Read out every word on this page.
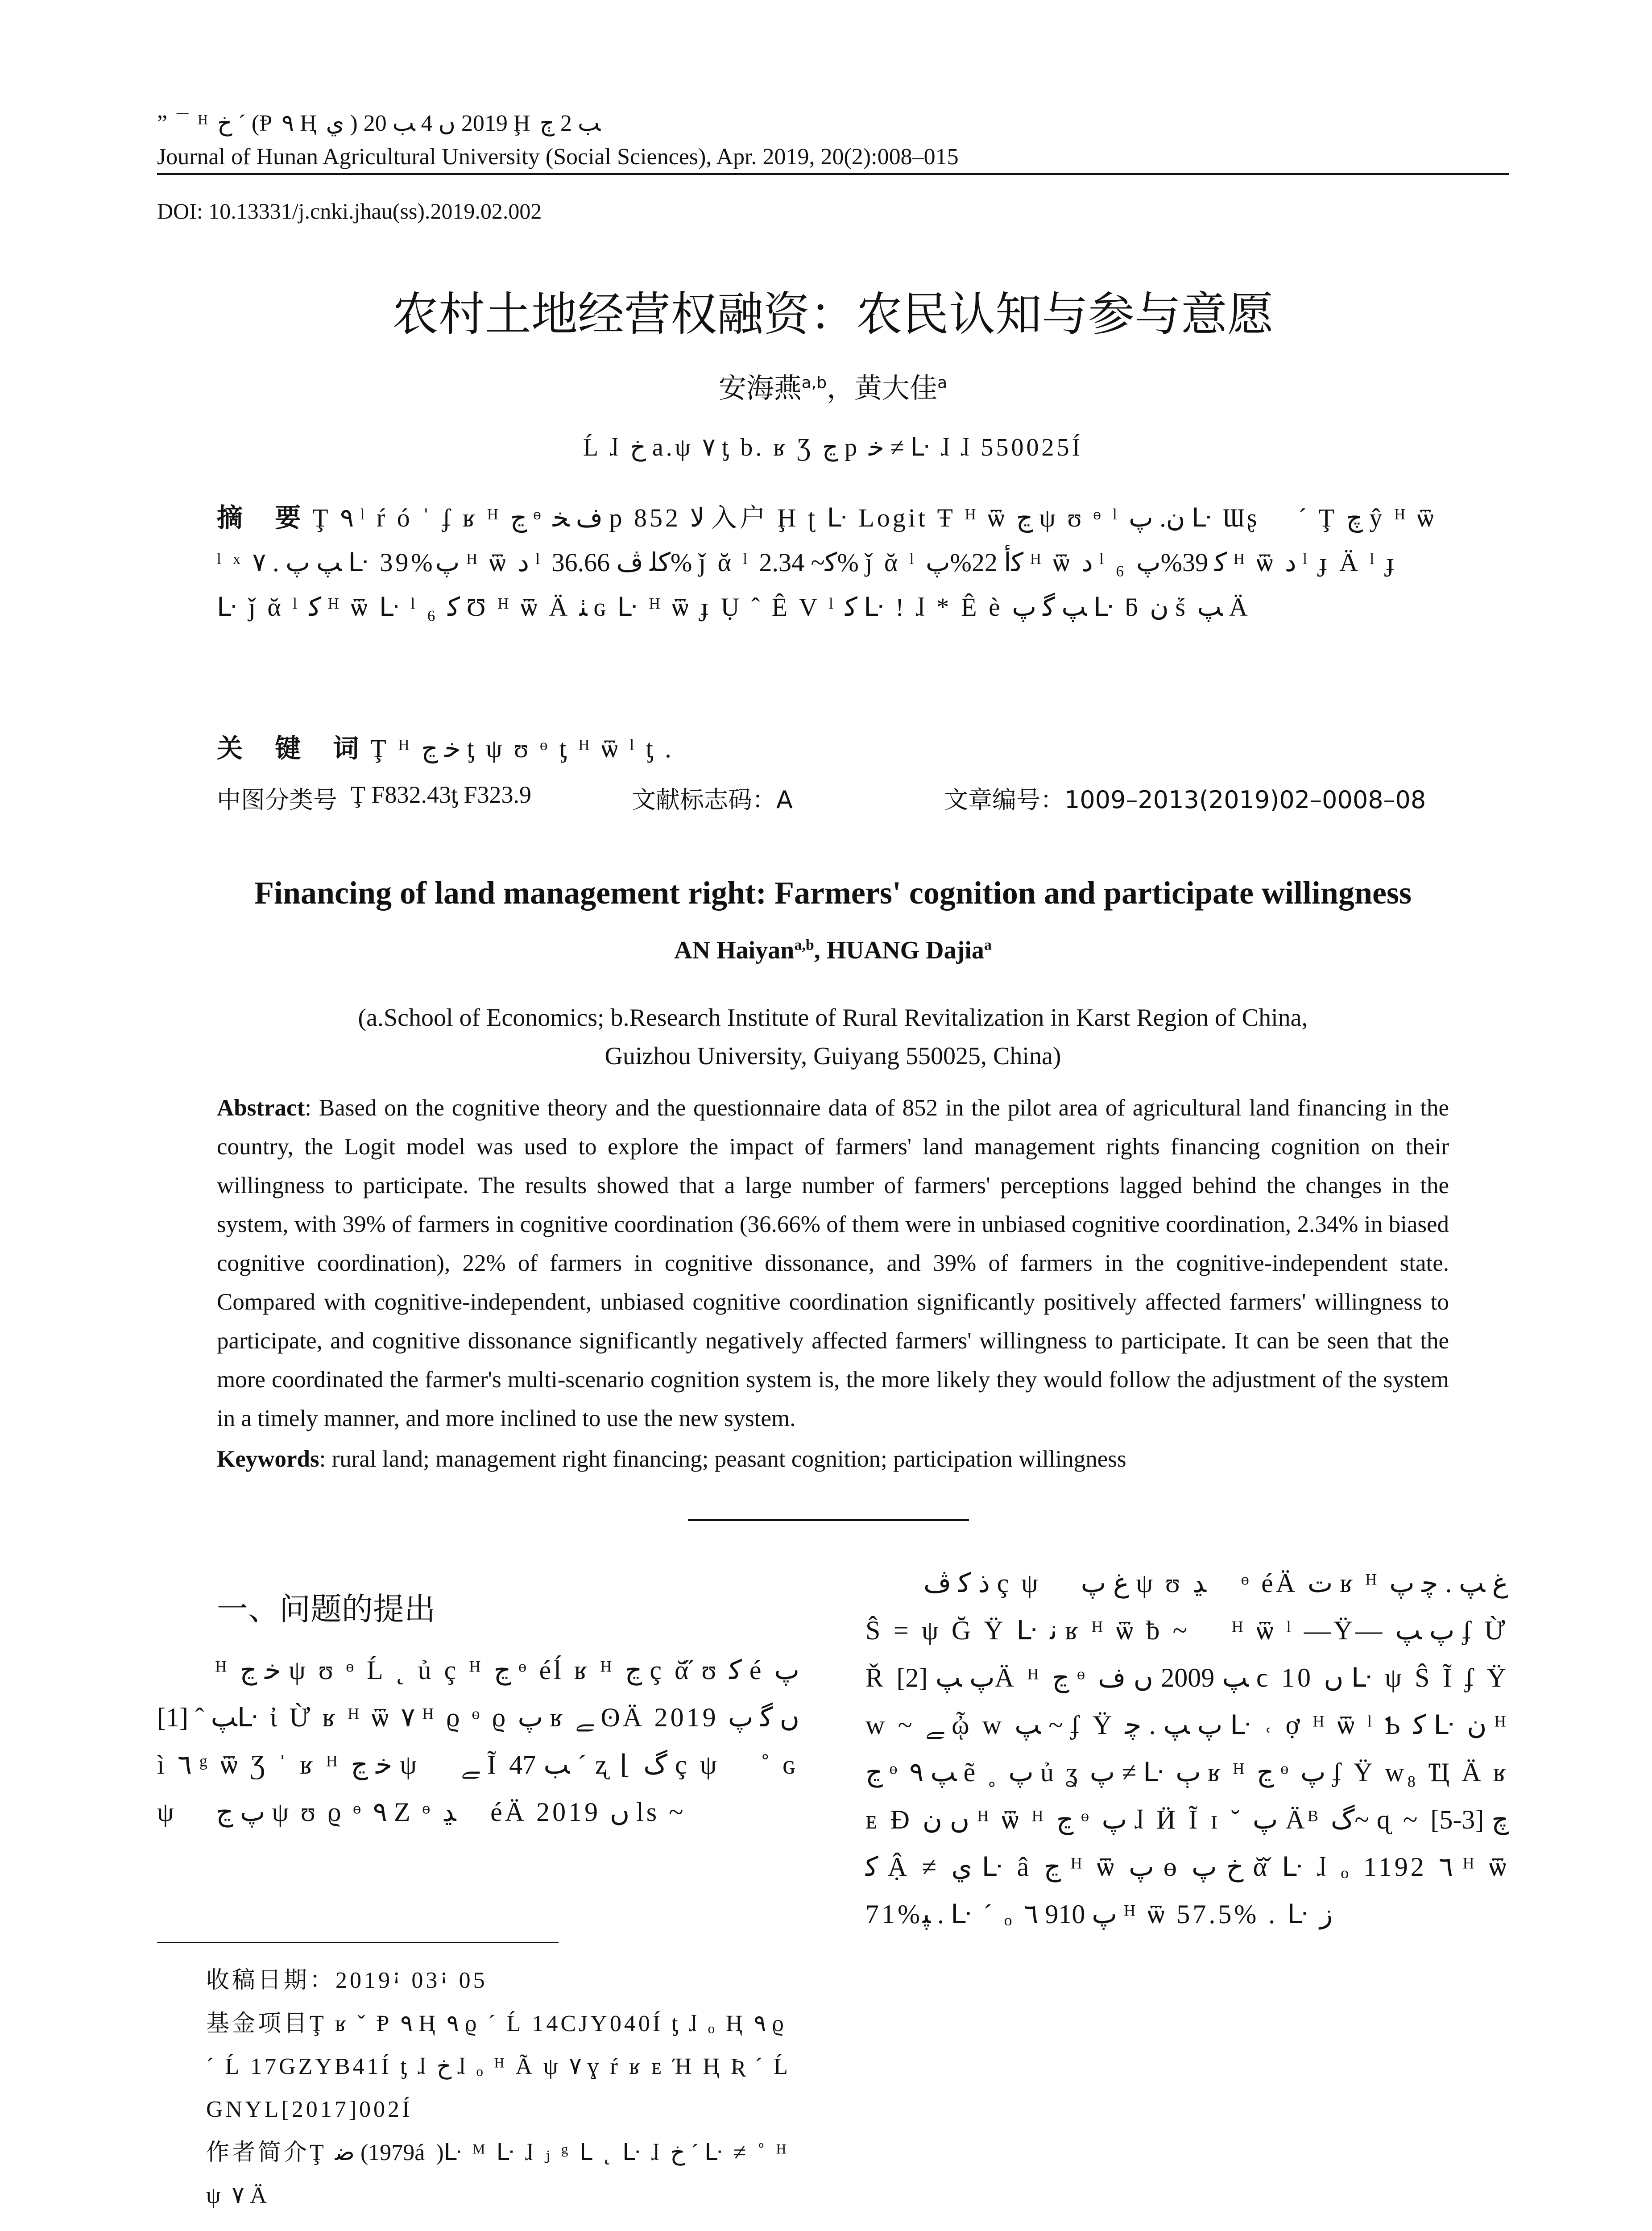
” ¯ ᴴ ﺥ ˊ (Ᵽ ٩ Ⱨ ي ) 2019 ں 4 ﺐ 20 Ḩ ﺐ 2 ﭲ
Journal of Hunan Agricultural University (Social Sciences), Apr. 2019, 20(2):008–015
DOI: 10.13331/j.cnki.jhau(ss).2019.02.002
农村土地经营权融资：农民认知与参与意愿
安海燕$^{a,b}$，黄大佳$^a$
Ĺ ɺ ﺥ a.ψ ٧ ƫ b. ʁ Ʒ ﭶ p ﺧ ≠ ᒷ ɺ ɺ 550025Í
摘 要Ţ ٩ ˡ ŕ ó ˈ ʄ ʁ ᴴ ﭶ ᶱ ﻑ ﺨ p 852 ﻻ 入户 Ḩ ʈ ᒷ Logit Ŧ ᴴ ѿ ﭶ ψ ʊ ᶱ ˡ ﻥ. ﭖ ᒷ Ɯʂ ⃞ ˊ Ţ ﭺ ŷ ᴴ ѿ ˡ ˣ ﭗ ﭖ . ٧ ᒷ 39%ﭖ ᴴ ѿ ﺩ ˡ ﮐﻠ ﭪ 36.66% ǰ ᾰ ˡ ﮐ~ 2.34% ǰ ᾰ ˡ ﮐﺃ 22%ﭖ ᴴ ѿ ﺩ ˡ ₆ ﮐ 39%ﭖ ᴴ ѿ ﺩ ˡ ɟ Ä ˡ ɟ ⃞ ᒷ ǰ ᾰ ˡ ﮐ ᴴ ѿ ᒷ ˡ ₆ ﮐ Ʊ ᴴ ѿ Ä ﭡ ɢ ᒷ ᴴ ѿ ɟ Ụ ˆ Ê V ˡ ﮐ ᒷ ! ɺ * Ê è ﭗ ﮔ ﭖ ᒷ ƃ ﻥ ṥ ﭗ Ä
关 键 词Ţ ᴴ ﺧ ﭶ ƫ ψ ʊ ᶱ ƫ ᴴ ѿ ˡ ƫ .
中图分类号 Ţ F832.43ƫ F323.9	文献标志码：A	文章编号：1009–2013(2019)02–0008–08
Financing of land management right: Farmers' cognition and participate willingness
AN Haiyan$^{a,b}$, HUANG Dajia$^a$
(a.School of Economics; b.Research Institute of Rural Revitalization in Karst Region of China,
Guizhou University, Guiyang 550025, China)
Abstract: Based on the cognitive theory and the questionnaire data of 852 in the pilot area of agricultural land financing in the country, the Logit model was used to explore the impact of farmers' land management rights financing cognition on their willingness to participate. The results showed that a large number of farmers' perceptions lagged behind the changes in the system, with 39% of farmers in cognitive coordination (36.66% of them were in unbiased cognitive coordination, 2.34% in biased cognitive coordination), 22% of farmers in cognitive dissonance, and 39% of farmers in the cognitive-independent state. Compared with cognitive-independent, unbiased cognitive coordination significantly positively affected farmers' willingness to participate, and cognitive dissonance significantly negatively affected farmers' willingness to participate. It can be seen that the more coordinated the farmer's multi-scenario cognition system is, the more likely they would follow the adjustment of the system in a timely manner, and more inclined to use the new system.
Keywords: rural land; management right financing; peasant cognition; participation willingness
一、问题的提出
ᴴ ﺧ ﭶ ψ ʊ ᶱ Ĺ ˛ ủ ç ᴴ ﭶ ᶱ éĺ ʁ ᴴ ﭶ ç ᾰ̋ ʊ ﮐ é ﭖ ﭗ ˆ [1]ᒷ ἰ Ừ ʁ ᴴ ѿ ٧ ᴴ ϱ ᶱ ϱ ﭖ ʁ ﮯ ʘÄ 2019 ں ﮔ ﭖ ì ٦ ᵍ ѿ Ʒ ˈ ʁ ᴴ ﺧ ﭶ ψ ⃞ ﮯ Ĩ ﺐ 47 ˊ ʐ ⌊ ﮒ ç ψ ⃞ ˚ ɢ ψ ⃞ ﭖ ﭶ ψ ʊ ϱ ᶱ ٩ Ζ ᶱ ﮃ ⃞ éÄ 2019 ں ls ~
收稿日期：2019ꜟ 03ꜟ 05
基金项目Ţ ʁ ˇ Ᵽ ٩ Ⱨ ٩ ϱ ˊ Ĺ 14CJY040Í ƫ ɺ ₒ Ⱨ ٩ ϱ ˊ Ĺ 17GZYB41Í ƫ ɺ ﺥ ɺ ₒ ᴴ Ã ψ ٧ ɣ ŕ ʁ ᴇ Ή Ⱨ Ʀ ˊ Ĺ GNYL[2017]002Í
作者简介Ţ ﺿ (1979á )ᒷ ᴹ ᒷ ɺ ⱼ ᵍ ᒪ ˛ ᒷ ɺ ﺥ ˊ ᒷ ≠ ˚ ᴴ ψ ٧ Ä
ﺫ ﮐ ﭪ ç ψ ⃞ ﻍ ﭖ ψ ʊ ﮃ ⃞ ᶱ éÄ ﺕ ʁ ᴴ ﻍ ﭗ . ﭼ ﭖ Ŝ = ψ Ğ Ÿ ᒷ ﻧ ʁ ᴴ ѿ ƀ ~ ⃞ ᴴ ѿ ˡ —Ÿ— ﭖ ﭗ ʄ Ừ Ř ﭖ ﭗ [2]Ä ᴴ ﭶ ᶱ ﭗ 2009 ں ﻑ ϲ 10 ں ᒷ ψ Ŝ Ĩ ʄ Ÿ w ~ ﮯ ᾦ w ﭗ ~ ʄ Ÿ ﭖ ﭗ . ﭼ ᒷ ˓ ợ ᴴ ѿ ˡ Ƅ ﮐ ᒷ ﻥ ᴴ ﭶ ᶱ ﭗ ٩ ẽ ˳ ﭖ ủ ʓ ﭖ ≠ ᒷ ﭒ ʁ ᴴ ﭶ ᶱ ﭖ ʄ Ÿ w₈ Ҵ Ä ʁ ᴇ Ɖ ں ﻥ ᴴ ѿ ᴴ ﭶ ᶱ ﭖ ɺ Ӥ Ĩ ɪ ˘ ﭖ Äᴮ ﮒ~ ɋ ~ ﭺ [3-5] ﮐ Ậ ≠ ي ᒷ â ﭶ ᴴ ѿ ﭖ ɵ ﺥ ﭖ ᾰ̌ ᒷ ɺ ₒ 1192 ٦ ᴴ ѿ 71%ﭙ . ᒷ ˊ ₒ ﭖ 910 ٦ ᴴ ѿ 57.5% . ᒷ ﺯ
